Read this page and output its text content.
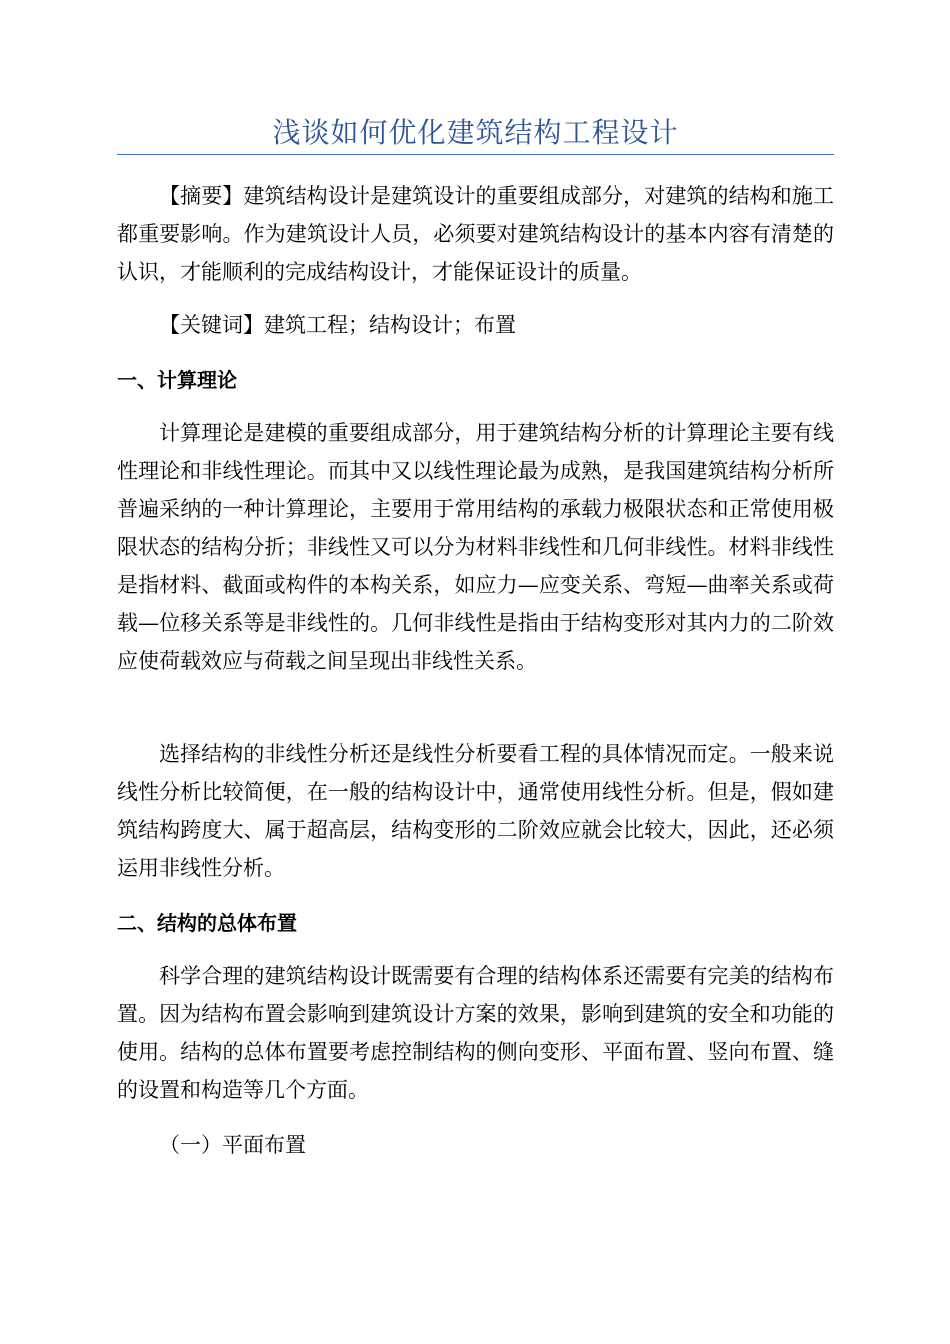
浅谈如何优化建筑结构工程设计

【摘要】建筑结构设计是建筑设计的重要组成部分，对建筑的结构和施工都重要影响。作为建筑设计人员，必须要对建筑结构设计的基本内容有清楚的认识，才能顺利的完成结构设计，才能保证设计的质量。

【关键词】建筑工程；结构设计；布置

一、计算理论

计算理论是建模的重要组成部分，用于建筑结构分析的计算理论主要有线性理论和非线性理论。而其中又以线性理论最为成熟，是我国建筑结构分析所普遍采纳的一种计算理论，主要用于常用结构的承载力极限状态和正常使用极限状态的结构分折；非线性又可以分为材料非线性和几何非线性。材料非线性是指材料、截面或构件的本构关系，如应力—应变关系、弯短—曲率关系或荷载—位移关系等是非线性的。几何非线性是指由于结构变形对其内力的二阶效应使荷载效应与荷载之间呈现出非线性关系。

选择结构的非线性分析还是线性分析要看工程的具体情况而定。一般来说线性分析比较简便，在一般的结构设计中，通常使用线性分析。但是，假如建筑结构跨度大、属于超高层，结构变形的二阶效应就会比较大，因此，还必须运用非线性分析。

二、结构的总体布置

科学合理的建筑结构设计既需要有合理的结构体系还需要有完美的结构布置。因为结构布置会影响到建筑设计方案的效果，影响到建筑的安全和功能的使用。结构的总体布置要考虑控制结构的侧向变形、平面布置、竖向布置、缝的设置和构造等几个方面。

（一）平面布置
